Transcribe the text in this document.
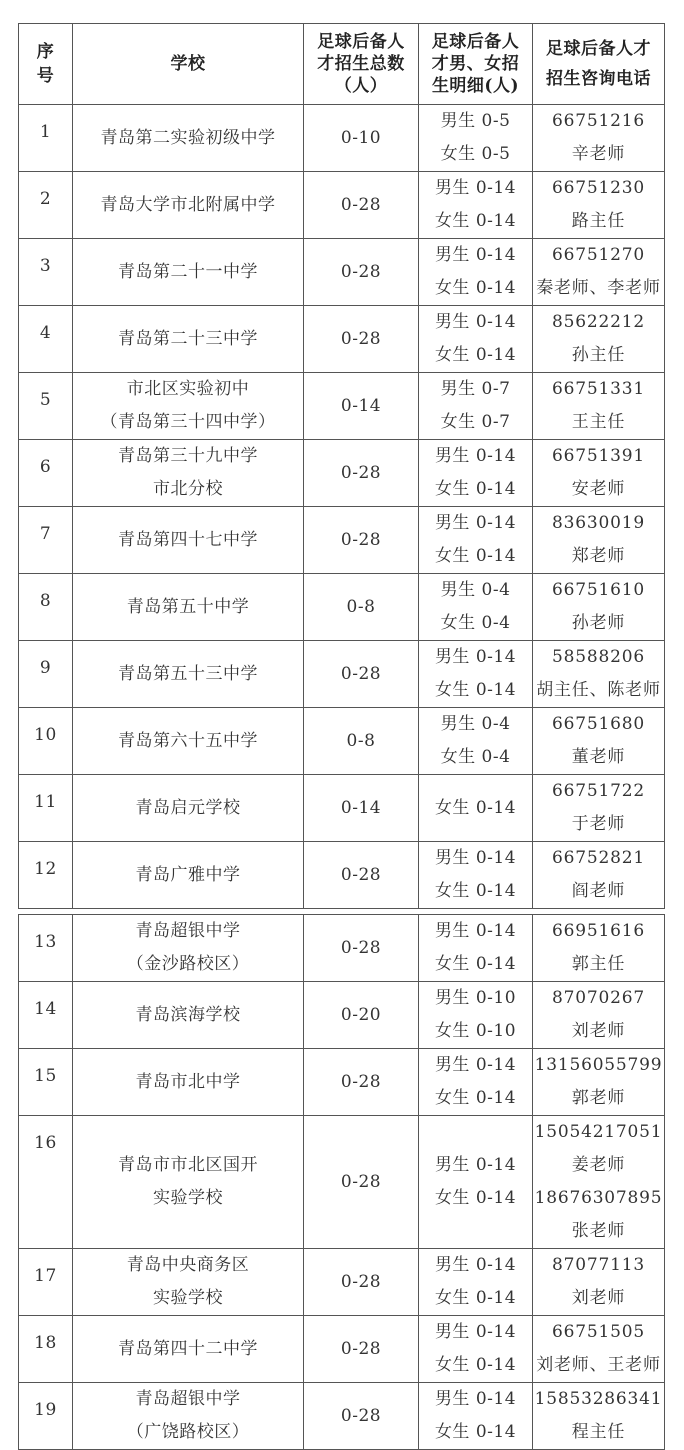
序号	学校	足球后备人才招生总数（人）	足球后备人才男、女招生明细(人)	足球后备人才招生咨询电话
1	青岛第二实验初级中学	0-10	男生 0-5
女生 0-5	66751216
辛老师

2	青岛大学市北附属中学	0-28	男生 0-14
女生 0-14	66751230
路主任

3	青岛第二十一中学	0-28	男生 0-14
女生 0-14	66751270
秦老师、李老师

4	青岛第二十三中学	0-28	男生 0-14
女生 0-14	85622212
孙主任

5	市北区实验初中
（青岛第三十四中学）	0-14	男生 0-7
女生 0-7	66751331
王主任

6	青岛第三十九中学
市北分校	0-28	男生 0-14
女生 0-14	66751391
安老师

7	青岛第四十七中学	0-28	男生 0-14
女生 0-14	83630019
郑老师

8	青岛第五十中学	0-8	男生 0-4
女生 0-4	66751610
孙老师

9	青岛第五十三中学	0-28	男生 0-14
女生 0-14	58588206
胡主任、陈老师

10	青岛第六十五中学	0-8	男生 0-4
女生 0-4	66751680
董老师

11	青岛启元学校	0-14	女生 0-14	66751722
于老师

12	青岛广雅中学	0-28	男生 0-14
女生 0-14	66752821
阎老师
13	青岛超银中学
（金沙路校区）	0-28	男生 0-14
女生 0-14	66951616
郭主任

14	青岛滨海学校	0-20	男生 0-10
女生 0-10	87070267
刘老师

15	青岛市北中学	0-28	男生 0-14
女生 0-14	13156055799
郭老师

16	青岛市市北区国开
实验学校	0-28	男生 0-14
女生 0-14	15054217051
姜老师
18676307895
张老师

17	青岛中央商务区
实验学校	0-28	男生 0-14
女生 0-14	87077113
刘老师

18	青岛第四十二中学	0-28	男生 0-14
女生 0-14	66751505
刘老师、王老师

19	青岛超银中学
（广饶路校区）	0-28	男生 0-14
女生 0-14	15853286341
程主任
